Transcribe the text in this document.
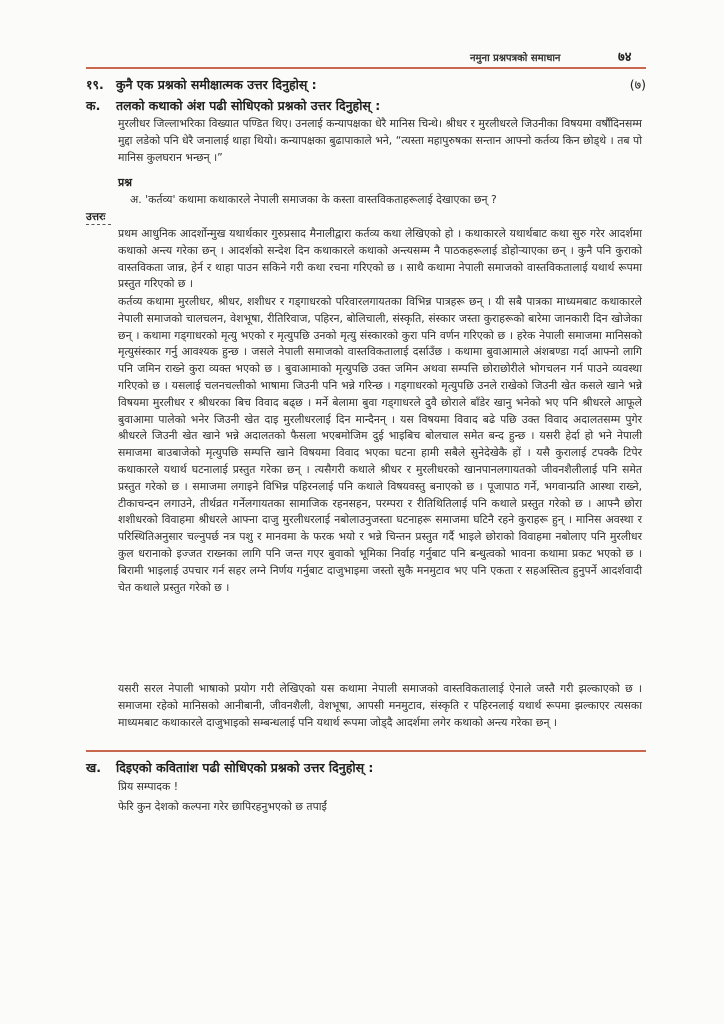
नमुना प्रश्नपत्रको समाधान	७४
१९. कुनै एक प्रश्नको समीक्षात्मक उत्तर दिनुहोस् :	(७)
क. तलको कथाको अंश पढी सोधिएको प्रश्नको उत्तर दिनुहोस् :
मुरलीधर जिल्लाभरिका विख्यात पण्डित थिए। उनलाई कन्यापक्षका धेरै मानिस चिन्थे। श्रीधर र मुरलीधरले जिउनीका विषयमा वर्षौंदिनसम्म मुद्दा लडेको पनि धेरै जनालाई थाहा थियो। कन्यापक्षका बुढापाकाले भने, “त्यस्ता महापुरुषका सन्तान आफ्नो कर्तव्य किन छोड्थे । तब पो मानिस कुलघरान भन्छन् ।”
प्रश्न
अ. 'कर्तव्य' कथामा कथाकारले नेपाली समाजका के कस्ता वास्तविकताहरूलाई देखाएका छन् ?
उत्तरः
प्रथम आधुनिक आदर्शोन्मुख यथार्थकार गुरुप्रसाद मैनालीद्वारा कर्तव्य कथा लेखिएको हो । कथाकारले यथार्थबाट कथा सुरु गरेर आदर्शमा कथाको अन्त्य गरेका छन् । आदर्शको सन्देश दिन कथाकारले कथाको अन्त्यसम्म नै पाठकहरूलाई डोहोऱ्याएका छन् । कुनै पनि कुराको वास्तविकता जान्न, हेर्न र थाहा पाउन सकिने गरी कथा रचना गरिएको छ । साथै कथामा नेपाली समाजको वास्तविकतालाई यथार्थ रूपमा प्रस्तुत गरिएको छ ।
कर्तव्य कथामा मुरलीधर, श्रीधर, शशीधर र गड्गाधरको परिवारलगायतका विभिन्न पात्रहरू छन् । यी सबै पात्रका माध्यमबाट कथाकारले नेपाली समाजको चालचलन, वेशभूषा, रीतिरिवाज, पहिरन, बोलिचाली, संस्कृति, संस्कार जस्ता कुराहरूको बारेमा जानकारी दिन खोजेका छन् । कथामा गड्गाधरको मृत्यु भएको र मृत्युपछि उनको मृत्यु संस्कारको कुरा पनि वर्णन गरिएको छ । हरेक नेपाली समाजमा मानिसको मृत्युसंस्कार गर्नु आवश्यक हुन्छ । जसले नेपाली समाजको वास्तविकतालाई दर्साउँछ । कथामा बुवाआमाले अंशबण्डा गर्दा आफ्नो लागि पनि जमिन राख्ने कुरा व्यक्त भएको छ । बुवाआमाको मृत्युपछि उक्त जमिन अथवा सम्पत्ति छोराछोरीले भोगचलन गर्न पाउने व्यवस्था गरिएको छ । यसलाई चलनचल्तीको भाषामा जिउनी पनि भन्ने गरिन्छ । गड्गाधरको मृत्युपछि उनले राखेको जिउनी खेत कसले खाने भन्ने विषयमा मुरलीधर र श्रीधरका बिच विवाद बढ्छ । मर्ने बेलामा बुवा गड्गाधरले दुवै छोराले बाँडेर खानु भनेको भए पनि श्रीधरले आफूले बुवाआमा पालेको भनेर जिउनी खेत दाइ मुरलीधरलाई दिन मान्दैनन् । यस विषयमा विवाद बढे पछि उक्त विवाद अदालतसम्म पुगेर श्रीधरले जिउनी खेत खाने भन्ने अदालतको फैसला भएबमोजिम दुई भाइबिच बोलचाल समेत बन्द हुन्छ । यसरी हेर्दा हो भने नेपाली समाजमा बाउबाजेको मृत्युपछि सम्पत्ति खाने विषयमा विवाद भएका घटना हामी सबैले सुनेदेखेकै हों । यसै कुरालाई टपक्कै टिपेर कथाकारले यथार्थ घटनालाई प्रस्तुत गरेका छन् । त्यसैगरी कथाले श्रीधर र मुरलीधरको खानपानलगायतको जीवनशैलीलाई पनि समेत प्रस्तुत गरेको छ । समाजमा लगाइने विभिन्न पहिरनलाई पनि कथाले विषयवस्तु बनाएको छ । पूजापाठ गर्ने, भगवान्प्रति आस्था राख्ने, टीकाचन्दन लगाउने, तीर्थव्रत गर्नेलगायतका सामाजिक रहनसहन, परम्परा र रीतिथितिलाई पनि कथाले प्रस्तुत गरेको छ । आफ्नै छोरा शशीधरको विवाहमा श्रीधरले आफ्ना दाजु मुरलीधरलाई नबोलाउनुजस्ता घटनाहरू समाजमा घटिनै रहने कुराहरू हुन् । मानिस अवस्था र परिस्थितिअनुसार चल्नुपर्छ नत्र पशु र मानवमा के फरक भयो र भन्ने चिन्तन प्रस्तुत गर्दै भाइले छोराको विवाहमा नबोलाए पनि मुरलीधर कुल धरानाको इज्जत राख्नका लागि पनि जन्त गएर बुवाको भूमिका निर्वाह गर्नुबाट पनि बन्धुत्वको भावना कथामा प्रकट भएको छ । बिरामी भाइलाई उपचार गर्न सहर लग्ने निर्णय गर्नुबाट दाजुभाइमा जस्तो सुकै मनमुटाव भए पनि एकता र सहअस्तित्व हुनुपर्ने आदर्शवादी चेत कथाले प्रस्तुत गरेको छ ।
यसरी सरल नेपाली भाषाको प्रयोग गरी लेखिएको यस कथामा नेपाली समाजको वास्तविकतालाई ऐनाले जस्तै गरी झल्काएको छ । समाजमा रहेको मानिसको आनीबानी, जीवनशैली, वेशभूषा, आपसी मनमुटाव, संस्कृति र पहिरनलाई यथार्थ रूपमा झल्काएर त्यसका माध्यमबाट कथाकारले दाजुभाइको सम्बन्धलाई पनि यथार्थ रूपमा जोड्दै आदर्शमा लगेर कथाको अन्त्य गरेका छन् ।
ख. दिइएको कविताांश पढी सोधिएको प्रश्नको उत्तर दिनुहोस् :
प्रिय सम्पादक !
फेरि कुन देशको कल्पना गरेर छापिरहनुभएको छ तपाईं
